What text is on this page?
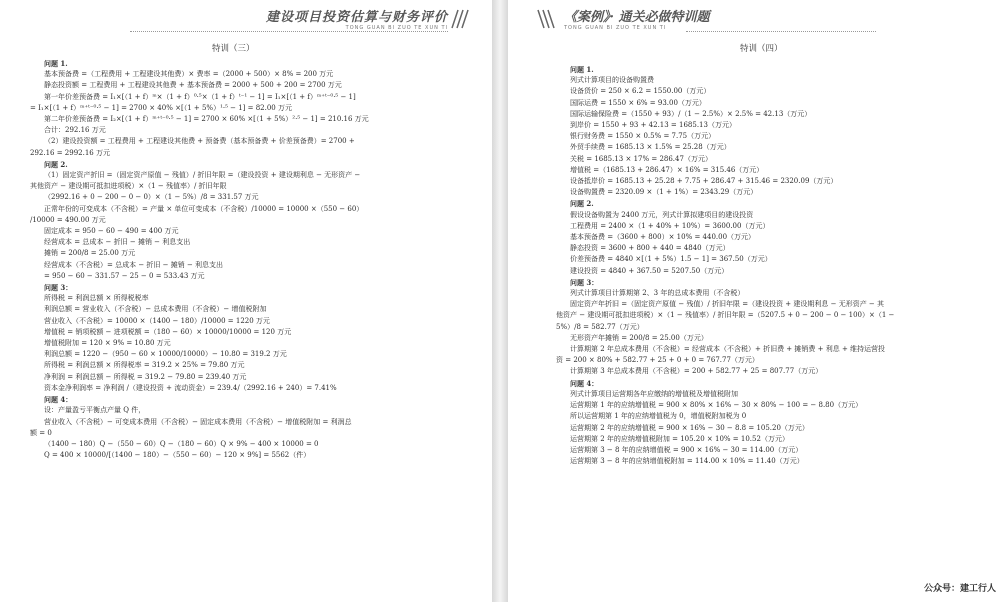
建设项目投资估算与财务评价
TONG GUAN BI ZUO TE XUN TI
特训（三）
问题 1.
基本预备费 =（工程费用 + 工程建设其他费）× 费率 =（2000 + 500）× 8% = 200 万元
静态投资额 = 工程费用 + 工程建设其他费 + 基本预备费 = 2000 + 500 + 200 = 2700 万元
第一年价差预备费 = I₁×[（1 + f）ᵐ×（1 + f）⁰·⁵×（1 + f）ᵗ⁻¹ − 1] = I₁×[（1 + f）ᵐ⁺ᵗ⁻⁰·⁵ − 1]
= I₁×[（1 + f）ᵐ⁺ᵗ⁻⁰·⁵ − 1] = 2700 × 40% ×[（1 + 5%）¹·⁵ − 1] = 82.00 万元
第二年价差预备费 = I₂×[（1 + f）ᵐ⁺ᵗ⁻⁰·⁵ − 1] = 2700 × 60% ×[（1 + 5%）²·⁵ − 1] = 210.16 万元
合计：292.16 万元
（2）建设投资额 = 工程费用 + 工程建设其他费 + 预备费（基本预备费 + 价差预备费）= 2700 +
292.16 = 2992.16 万元
问题 2.
（1）固定资产折旧 =（固定资产原值 − 残值）/ 折旧年限 =（建设投资 + 建设期利息 − 无形资产 −
其他资产 − 建设期可抵扣进项税）×（1 − 残值率）/ 折旧年限
（2992.16 + 0 − 200 − 0 − 0）×（1 − 5%）/8 = 331.57 万元
正常年份的可变成本（不含税）= 产量 × 单位可变成本（不含税）/10000 = 10000 ×（550 − 60）
/10000 = 490.00 万元
固定成本 = 950 − 60 − 490 = 400 万元
经营成本 = 总成本 − 折旧 − 摊销 − 利息支出
摊销 = 200/8 = 25.00 万元
经营成本（不含税）= 总成本 − 折旧 − 摊销 − 利息支出
= 950 − 60 − 331.57 − 25 − 0 = 533.43 万元
问题 3：
所得税 = 利润总额 × 所得税税率
利润总额 = 营业收入（不含税）− 总成本费用（不含税）− 增值税附加
营业收入（不含税）= 10000 ×（1400 − 180）/10000 = 1220 万元
增值税 = 销项税额 − 进项税额 =（180 − 60）× 10000/10000 = 120 万元
增值税附加 = 120 × 9% = 10.80 万元
利润总额 = 1220 −（950 − 60 × 10000/10000）− 10.80 = 319.2 万元
所得税 = 利润总额 × 所得税率 = 319.2 × 25% = 79.80 万元
净利润 = 利润总额 − 所得税 = 319.2 − 79.80 = 239.40 万元
资本金净利润率 = 净利润 /（建设投资 + 流动资金）= 239.4/（2992.16 + 240）= 7.41%
问题 4：
设：产量盈亏平衡点产量 Q 件，
营业收入（不含税）− 可变成本费用（不含税）− 固定成本费用（不含税）− 增值税附加 = 利润总
额 = 0
（1400 − 180）Q −（550 − 60）Q −（180 − 60）Q × 9% − 400 × 10000 = 0
Q = 400 × 10000/[（1400 − 180）−（550 − 60）− 120 × 9%] = 5562（件）
《案例》· 通关必做特训题
TONG GUAN BI ZUO TE XUN TI
特训（四）
问题 1.
列式计算项目的设备购置费
设备货价 = 250 × 6.2 = 1550.00（万元）
国际运费 = 1550 × 6% = 93.00（万元）
国际运输保险费 =（1550 + 93）/（1 − 2.5%）× 2.5% = 42.13（万元）
到岸价 = 1550 + 93 + 42.13 = 1685.13（万元）
银行财务费 = 1550 × 0.5% = 7.75（万元）
外贸手续费 = 1685.13 × 1.5% = 25.28（万元）
关税 = 1685.13 × 17% = 286.47（万元）
增值税 =（1685.13 + 286.47）× 16% = 315.46（万元）
设备抵岸价 = 1685.13 + 25.28 + 7.75 + 286.47 + 315.46 = 2320.09（万元）
设备购置费 = 2320.09 ×（1 + 1%）= 2343.29（万元）
问题 2.
假设设备购置为 2400 万元，列式计算拟建项目的建设投资
工程费用 = 2400 ×（1 + 40% + 10%）= 3600.00（万元）
基本预备费 =（3600 + 800）× 10% = 440.00（万元）
静态投资 = 3600 + 800 + 440 = 4840（万元）
价差预备费 = 4840 ×[（1 + 5%）1.5 − 1] = 367.50（万元）
建设投资 = 4840 + 367.50 = 5207.50（万元）
问题 3：
列式计算项目计算期第 2、3 年的总成本费用（不含税）
固定资产年折旧 =（固定资产原值 − 残值）/ 折旧年限 =（建设投资 + 建设期利息 − 无形资产 − 其
他资产 − 建设期可抵扣进项税）×（1 − 残值率）/ 折旧年限 =（5207.5 + 0 − 200 − 0 − 100）×（1 −
5%）/8 = 582.77（万元）
无形资产年摊销 = 200/8 = 25.00（万元）
计算期第 2 年总成本费用（不含税）= 经营成本（不含税）+ 折旧费 + 摊销费 + 利息 + 维持运营投
资 = 200 × 80% + 582.77 + 25 + 0 + 0 = 767.77（万元）
计算期第 3 年总成本费用（不含税）= 200 + 582.77 + 25 = 807.77（万元）
问题 4：
列式计算项目运营期各年应缴纳的增值税及增值税附加
运营期第 1 年的应纳增值税 = 900 × 80% × 16% − 30 × 80% − 100 = − 8.80（万元）
所以运营期第 1 年的应纳增值税为 0，增值税附加税为 0
运营期第 2 年的应纳增值税 = 900 × 16% − 30 − 8.8 = 105.20（万元）
运营期第 2 年的应纳增值税附加 = 105.20 × 10% = 10.52（万元）
运营期第 3 − 8 年的应纳增值税 = 900 × 16% − 30 = 114.00（万元）
运营期第 3 − 8 年的应纳增值税附加 = 114.00 × 10% = 11.40（万元）
公众号：建工行人
